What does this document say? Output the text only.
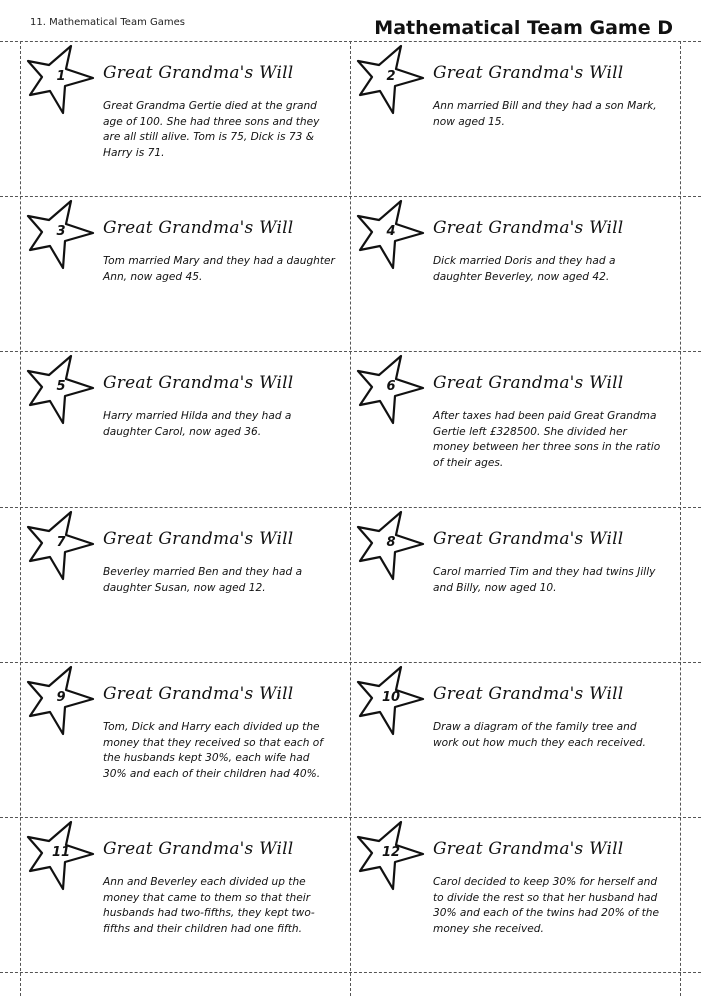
11. Mathematical Team Games	Mathematical Team Game D
1	Great Grandma's Will
Great Grandma Gertie died at the grand age of 100. She had three sons and they are all still alive. Tom is 75, Dick is 73 & Harry is 71.
2	Great Grandma's Will
Ann married Bill and they had a son Mark, now aged 15.
3	Great Grandma's Will
Tom married Mary and they had a daughter Ann, now aged 45.
4	Great Grandma's Will
Dick married Doris and they had a daughter Beverley, now aged 42.
5	Great Grandma's Will
Harry married Hilda and they had a daughter Carol, now aged 36.
6	Great Grandma's Will
After taxes had been paid Great Grandma Gertie left £328500. She divided her money between her three sons in the ratio of their ages.
7	Great Grandma's Will
Beverley married Ben and they had a daughter Susan, now aged 12.
8	Great Grandma's Will
Carol married Tim and they had twins Jilly and Billy, now aged 10.
9	Great Grandma's Will
Tom, Dick and Harry each divided up the money that they received so that each of the husbands kept 30%, each wife had 30% and each of their children had 40%.
10	Great Grandma's Will
Draw a diagram of the family tree and work out how much they each received.
11	Great Grandma's Will
Ann and Beverley each divided up the money that came to them so that their husbands had two-fifths, they kept two-fifths and their children had one fifth.
12	Great Grandma's Will
Carol decided to keep 30% for herself and to divide the rest so that her husband had 30% and each of the twins had 20% of the money she received.
